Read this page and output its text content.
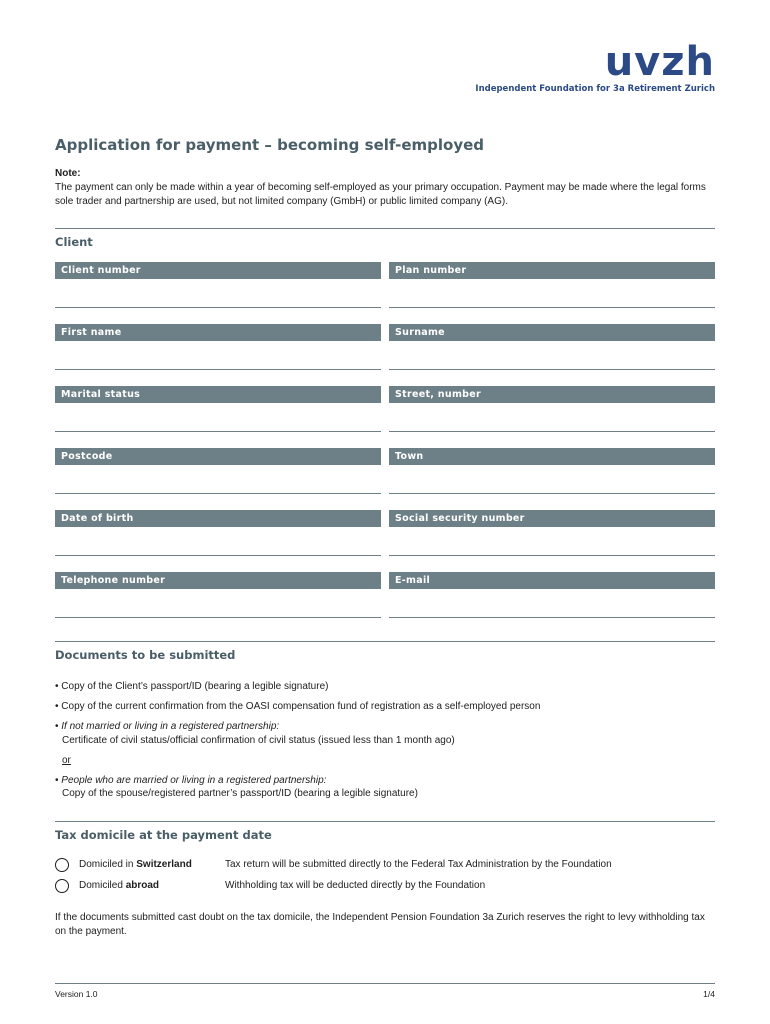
uvzh
Independent Foundation for 3a Retirement Zurich
Application for payment – becoming self-employed
Note:

The payment can only be made within a year of becoming self-employed as your primary occupation. Payment may be made where the legal forms sole trader and partnership are used, but not limited company (GmbH) or public limited company (AG).

Client
Client number	Plan number
First name	Surname
Marital status	Street, number
Postcode	Town
Date of birth	Social security number
Telephone number	E-mail
Documents to be submitted
• Copy of the Client’s passport/ID (bearing a legible signature)
• Copy of the current confirmation from the OASI compensation fund of registration as a self-employed person
• If not married or living in a registered partnership:
Certificate of civil status/official confirmation of civil status (issued less than 1 month ago)
or
• People who are married or living in a registered partnership:
Copy of the spouse/registered partner’s passport/ID (bearing a legible signature)
Tax domicile at the payment date
Domiciled in Switzerland	Tax return will be submitted directly to the Federal Tax Administration by the Foundation
Domiciled abroad	Withholding tax will be deducted directly by the Foundation

If the documents submitted cast doubt on the tax domicile, the Independent Pension Foundation 3a Zurich reserves the right to levy withholding tax on the payment.

Version 1.0	1/4
